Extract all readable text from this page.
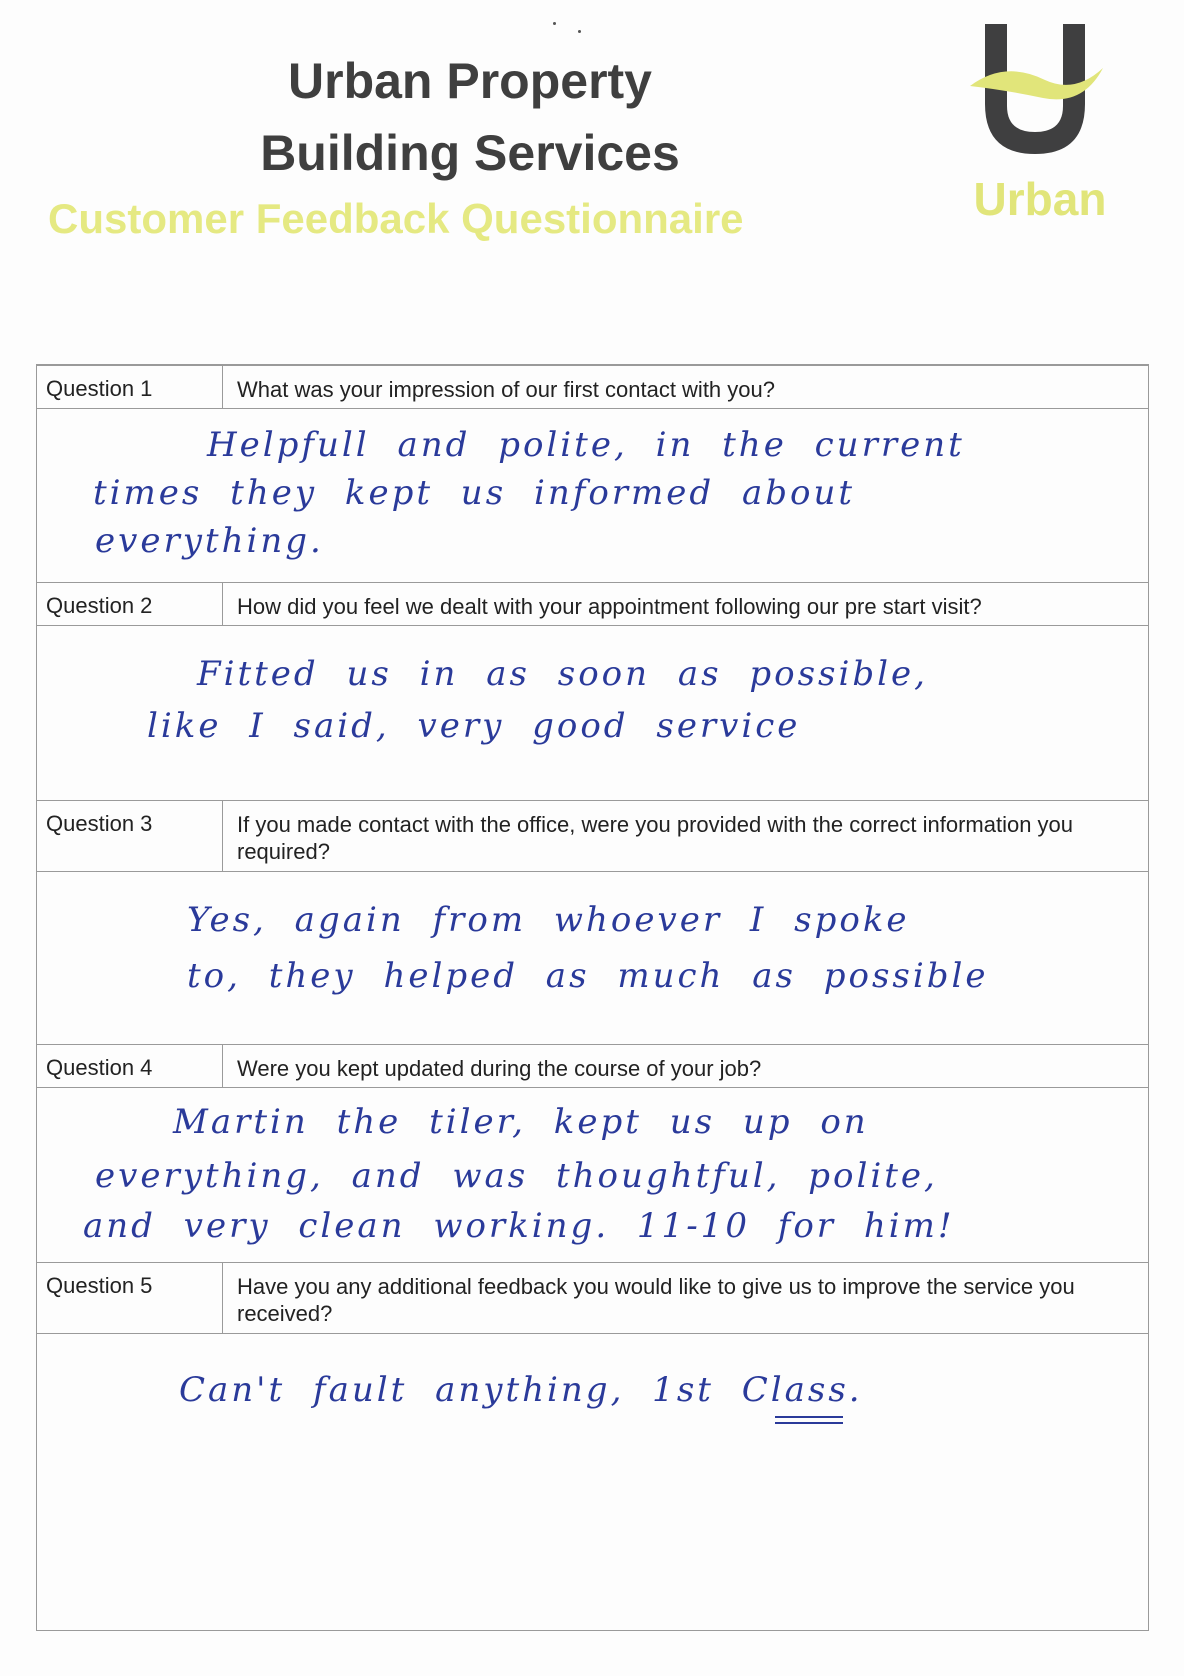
Urban Property
Building Services
Customer Feedback Questionnaire	Urban
Question 1	What was your impression of our first contact with you?
Helpfull and polite, in the current
times they kept us informed about
everything.
Question 2	How did you feel we dealt with your appointment following our pre start visit?
Fitted us in as soon as possible,
like I said, very good service
Question 3	If you made contact with the office, were you provided with the correct information you required?
Yes, again from whoever I spoke
to, they helped as much as possible
Question 4	Were you kept updated during the course of your job?
Martin the tiler, kept us up on
everything, and was thoughtful, polite,
and very clean working. 11-10 for him!
Question 5	Have you any additional feedback you would like to give us to improve the service you received?
Can't fault anything, 1st Class.
